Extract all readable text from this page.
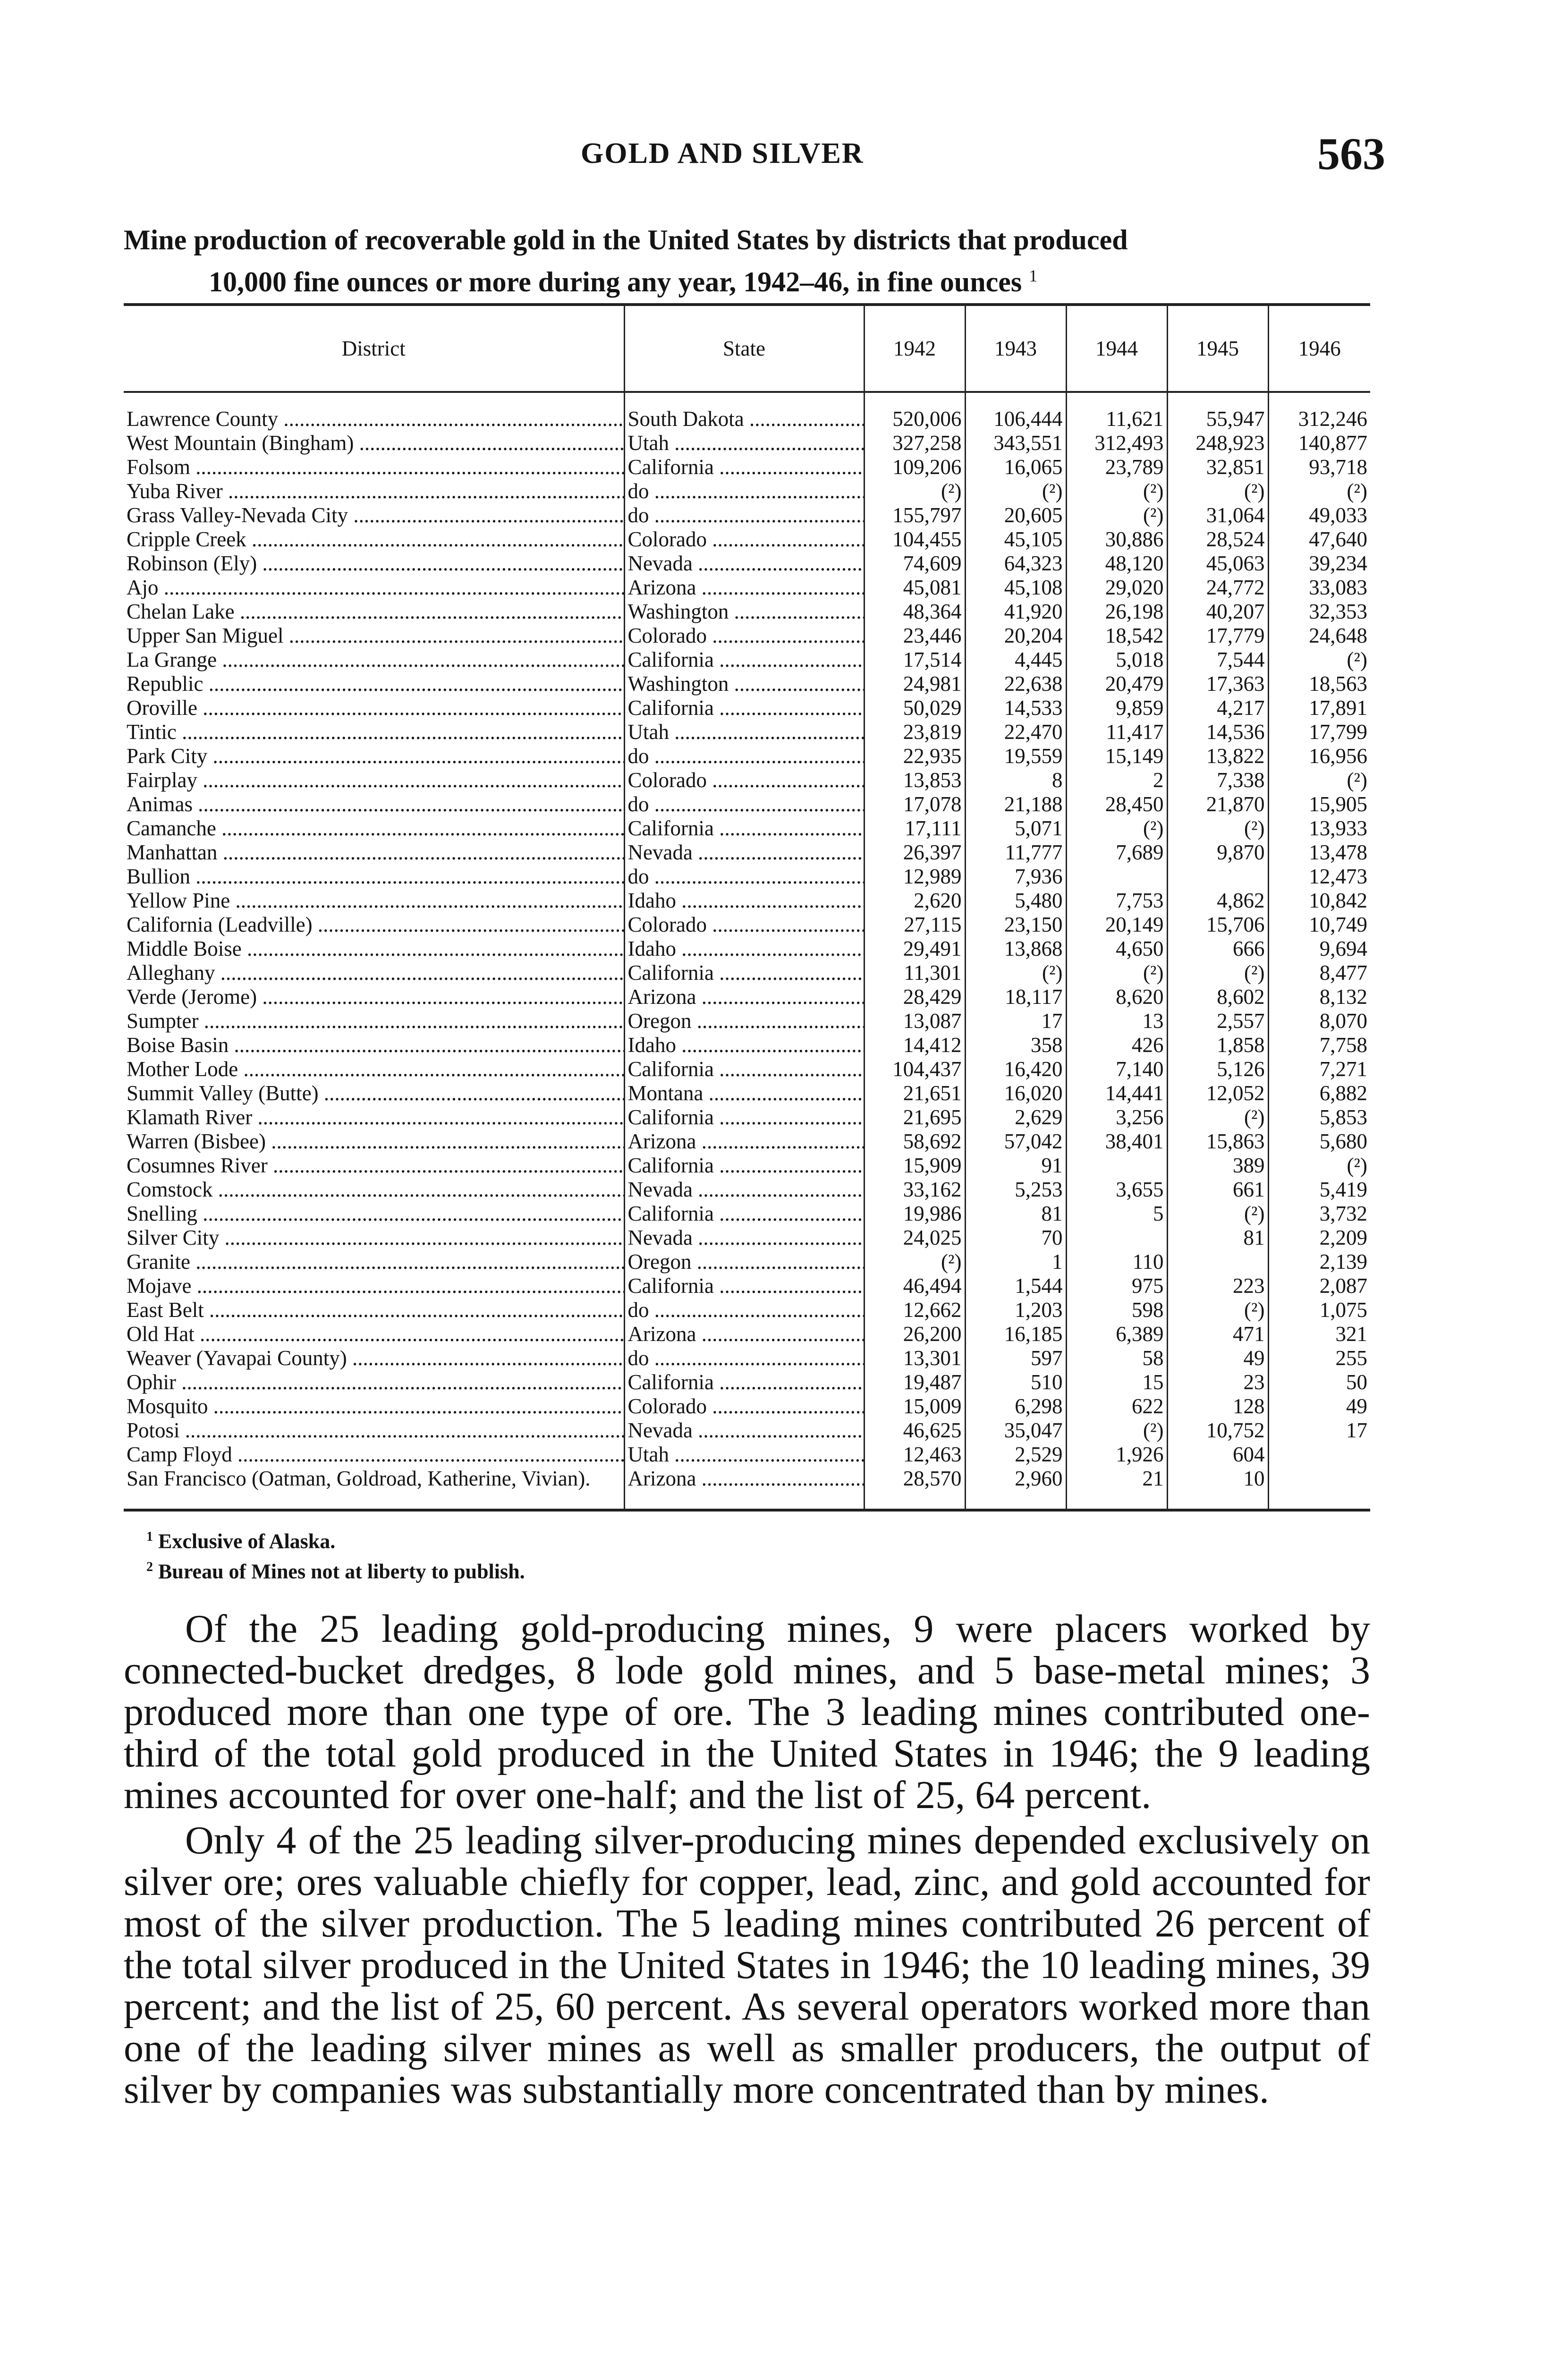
GOLD AND SILVER	563
Mine production of recoverable gold in the United States by districts that produced
10,000 fine ounces or more during any year, 1942–46, in fine ounces $^1$
District	State	1942	1943	1944	1945	1946
Lawrence County .....	South Dakota .....	520,006	106,444	11,621	55,947	312,246
West Mountain (Bingham) .....	Utah .....	327,258	343,551	312,493	248,923	140,877
Folsom .....	California .....	109,206	16,065	23,789	32,851	93,718
Yuba River .....	do .....	(²)	(²)	(²)	(²)	(²)
Grass Valley-Nevada City .....	do .....	155,797	20,605	(²)	31,064	49,033
Cripple Creek .....	Colorado .....	104,455	45,105	30,886	28,524	47,640
Robinson (Ely) .....	Nevada .....	74,609	64,323	48,120	45,063	39,234
Ajo .....	Arizona .....	45,081	45,108	29,020	24,772	33,083
Chelan Lake .....	Washington .....	48,364	41,920	26,198	40,207	32,353
Upper San Miguel .....	Colorado .....	23,446	20,204	18,542	17,779	24,648
La Grange .....	California .....	17,514	4,445	5,018	7,544	(²)
Republic .....	Washington .....	24,981	22,638	20,479	17,363	18,563
Oroville .....	California .....	50,029	14,533	9,859	4,217	17,891
Tintic .....	Utah .....	23,819	22,470	11,417	14,536	17,799
Park City .....	do .....	22,935	19,559	15,149	13,822	16,956
Fairplay .....	Colorado .....	13,853	8	2	7,338	(²)
Animas .....	do .....	17,078	21,188	28,450	21,870	15,905
Camanche .....	California .....	17,111	5,071	(²)	(²)	13,933
Manhattan .....	Nevada .....	26,397	11,777	7,689	9,870	13,478
Bullion .....	do .....	12,989	7,936			12,473
Yellow Pine .....	Idaho .....	2,620	5,480	7,753	4,862	10,842
California (Leadville) .....	Colorado .....	27,115	23,150	20,149	15,706	10,749
Middle Boise .....	Idaho .....	29,491	13,868	4,650	666	9,694
Alleghany .....	California .....	11,301	(²)	(²)	(²)	8,477
Verde (Jerome) .....	Arizona .....	28,429	18,117	8,620	8,602	8,132
Sumpter .....	Oregon .....	13,087	17	13	2,557	8,070
Boise Basin .....	Idaho .....	14,412	358	426	1,858	7,758
Mother Lode .....	California .....	104,437	16,420	7,140	5,126	7,271
Summit Valley (Butte) .....	Montana .....	21,651	16,020	14,441	12,052	6,882
Klamath River .....	California .....	21,695	2,629	3,256	(²)	5,853
Warren (Bisbee) .....	Arizona .....	58,692	57,042	38,401	15,863	5,680
Cosumnes River .....	California .....	15,909	91		389	(²)
Comstock .....	Nevada .....	33,162	5,253	3,655	661	5,419
Snelling .....	California .....	19,986	81	5	(²)	3,732
Silver City .....	Nevada .....	24,025	70		81	2,209
Granite .....	Oregon .....	(²)	1	110		2,139
Mojave .....	California .....	46,494	1,544	975	223	2,087
East Belt .....	do .....	12,662	1,203	598	(²)	1,075
Old Hat .....	Arizona .....	26,200	16,185	6,389	471	321
Weaver (Yavapai County) .....	do .....	13,301	597	58	49	255
Ophir .....	California .....	19,487	510	15	23	50
Mosquito .....	Colorado .....	15,009	6,298	622	128	49
Potosi .....	Nevada .....	46,625	35,047	(²)	10,752	17
Camp Floyd .....	Utah .....	12,463	2,529	1,926	604	
San Francisco (Oatman, Goldroad, Katherine, Vivian).	Arizona .....	28,570	2,960	21	10	
$^1$ Exclusive of Alaska.
$^2$ Bureau of Mines not at liberty to publish.

Of the 25 leading gold-producing mines, 9 were placers worked by connected-bucket dredges, 8 lode gold mines, and 5 base-metal mines; 3 produced more than one type of ore. The 3 leading mines contributed one-third of the total gold produced in the United States in 1946; the 9 leading mines accounted for over one-half; and the list of 25, 64 percent.

Only 4 of the 25 leading silver-producing mines depended exclusively on silver ore; ores valuable chiefly for copper, lead, zinc, and gold accounted for most of the silver production. The 5 leading mines contributed 26 percent of the total silver produced in the United States in 1946; the 10 leading mines, 39 percent; and the list of 25, 60 percent. As several operators worked more than one of the leading silver mines as well as smaller producers, the output of silver by companies was substantially more concentrated than by mines.
